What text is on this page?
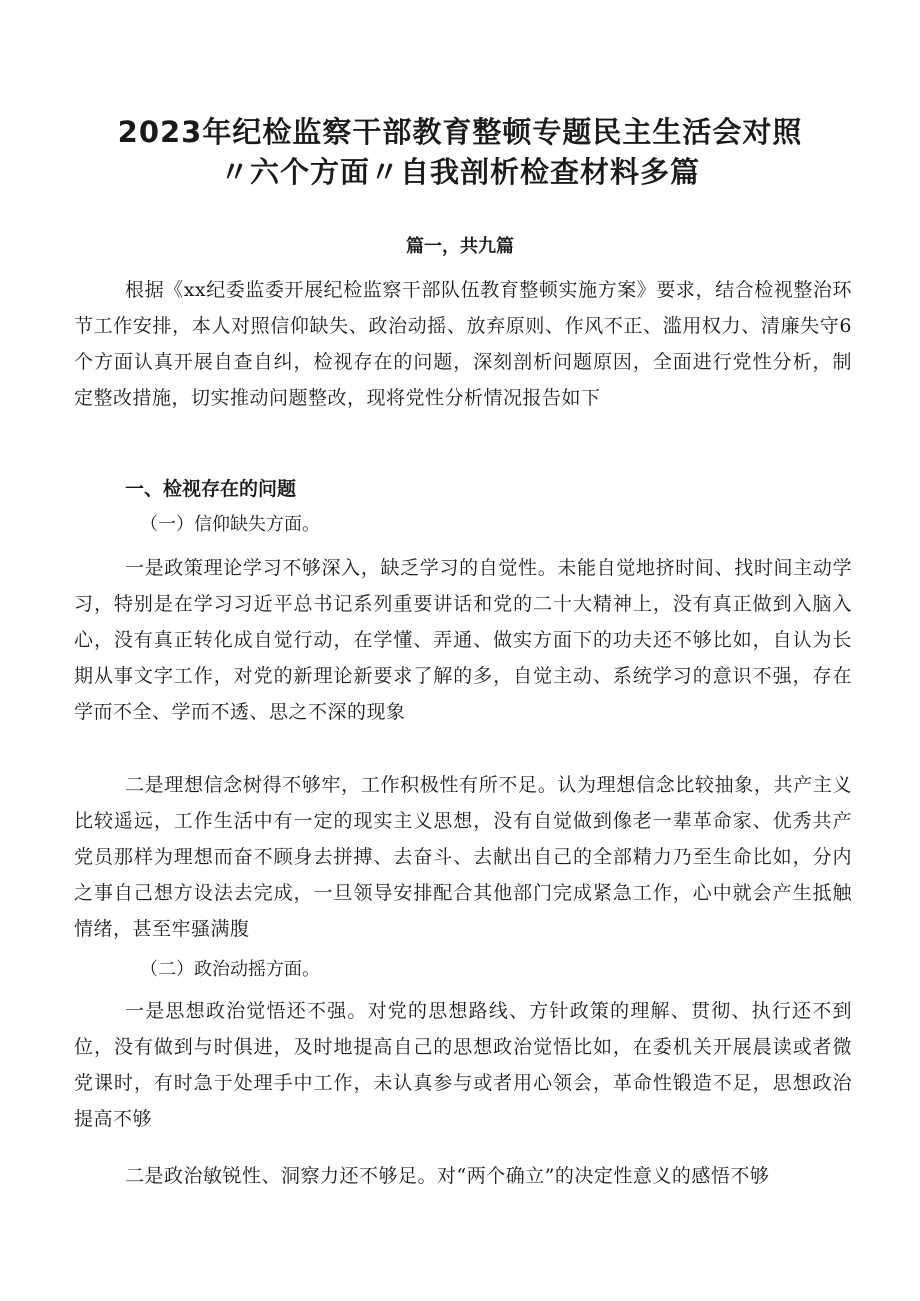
2023年纪检监察干部教育整顿专题民主生活会对照
〃六个方面〃自我剖析检查材料多篇

篇一，共九篇

根据《xx纪委监委开展纪检监察干部队伍教育整顿实施方案》要求，结合检视整治环节工作安排，本人对照信仰缺失、政治动摇、放弃原则、作风不正、滥用权力、清廉失守6个方面认真开展自查自纠，检视存在的问题，深刻剖析问题原因，全面进行党性分析，制定整改措施，切实推动问题整改，现将党性分析情况报告如下

一、检视存在的问题

（一）信仰缺失方面。

一是政策理论学习不够深入，缺乏学习的自觉性。未能自觉地挤时间、找时间主动学习，特别是在学习习近平总书记系列重要讲话和党的二十大精神上，没有真正做到入脑入心，没有真正转化成自觉行动，在学懂、弄通、做实方面下的功夫还不够比如，自认为长期从事文字工作，对党的新理论新要求了解的多，自觉主动、系统学习的意识不强，存在学而不全、学而不透、思之不深的现象

二是理想信念树得不够牢，工作积极性有所不足。认为理想信念比较抽象，共产主义比较遥远，工作生活中有一定的现实主义思想，没有自觉做到像老一辈革命家、优秀共产党员那样为理想而奋不顾身去拼搏、去奋斗、去献出自己的全部精力乃至生命比如，分内之事自己想方设法去完成，一旦领导安排配合其他部门完成紧急工作，心中就会产生抵触情绪，甚至牢骚满腹

（二）政治动摇方面。

一是思想政治觉悟还不强。对党的思想路线、方针政策的理解、贯彻、执行还不到位，没有做到与时俱进，及时地提高自己的思想政治觉悟比如，在委机关开展晨读或者微党课时，有时急于处理手中工作，未认真参与或者用心领会，革命性锻造不足，思想政治提高不够

二是政治敏锐性、洞察力还不够足。对“两个确立”的决定性意义的感悟不够
